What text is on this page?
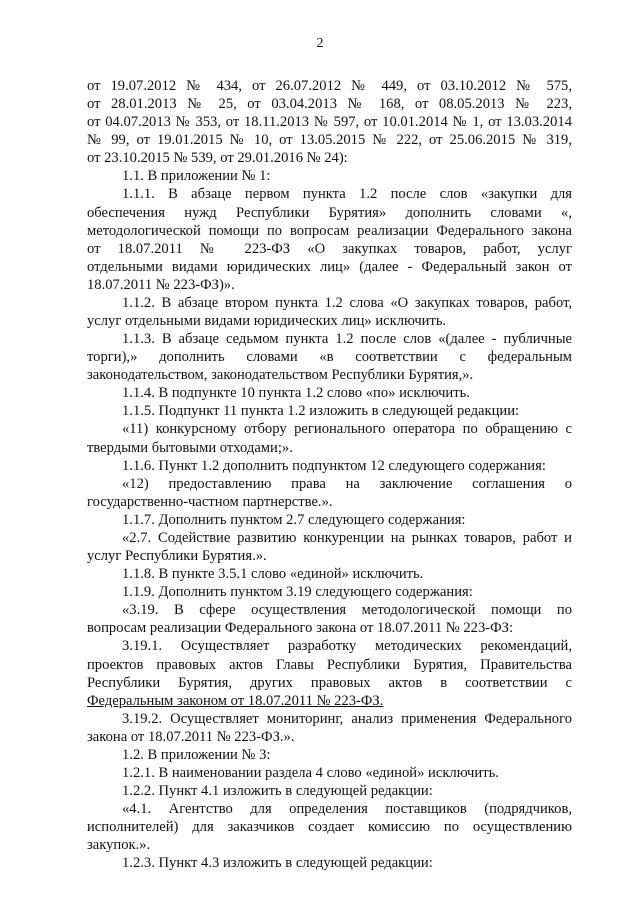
2
от 19.07.2012 № 434, от 26.07.2012 № 449, от 03.10.2012 № 575,
от 28.01.2013 № 25, от 03.04.2013 № 168, от 08.05.2013 № 223,
от 04.07.2013 № 353, от 18.11.2013 № 597, от 10.01.2014 № 1, от 13.03.2014
№ 99, от 19.01.2015 № 10, от 13.05.2015 № 222, от 25.06.2015 № 319,
от 23.10.2015 № 539, от 29.01.2016 № 24):
1.1. В приложении № 1:
1.1.1. В абзаце первом пункта 1.2 после слов «закупки для
обеспечения нужд Республики Бурятия» дополнить словами «,
методологической помощи по вопросам реализации Федерального закона
от 18.07.2011 № 223-ФЗ «О закупках товаров, работ, услуг
отдельными видами юридических лиц» (далее - Федеральный закон от
18.07.2011 № 223-ФЗ)».
1.1.2. В абзаце втором пункта 1.2 слова «О закупках товаров, работ,
услуг отдельными видами юридических лиц» исключить.
1.1.3. В абзаце седьмом пункта 1.2 после слов «(далее - публичные
торги),» дополнить словами «в соответствии с федеральным
законодательством, законодательством Республики Бурятия,».
1.1.4. В подпункте 10 пункта 1.2 слово «по» исключить.
1.1.5. Подпункт 11 пункта 1.2 изложить в следующей редакции:
«11) конкурсному отбору регионального оператора по обращению с
твердыми бытовыми отходами;».
1.1.6. Пункт 1.2 дополнить подпунктом 12 следующего содержания:
«12) предоставлению права на заключение соглашения о
государственно-частном партнерстве.».
1.1.7. Дополнить пунктом 2.7 следующего содержания:
«2.7. Содействие развитию конкуренции на рынках товаров, работ и
услуг Республики Бурятия.».
1.1.8. В пункте 3.5.1 слово «единой» исключить.
1.1.9. Дополнить пунктом 3.19 следующего содержания:
«3.19. В сфере осуществления методологической помощи по
вопросам реализации Федерального закона от 18.07.2011 № 223-ФЗ:
3.19.1. Осуществляет разработку методических рекомендаций,
проектов правовых актов Главы Республики Бурятия, Правительства
Республики Бурятия, других правовых актов в соответствии с
Федеральным законом от 18.07.2011 № 223-ФЗ.
3.19.2. Осуществляет мониторинг, анализ применения Федерального
закона от 18.07.2011 № 223-ФЗ.».
1.2. В приложении № 3:
1.2.1. В наименовании раздела 4 слово «единой» исключить.
1.2.2. Пункт 4.1 изложить в следующей редакции:
«4.1. Агентство для определения поставщиков (подрядчиков,
исполнителей) для заказчиков создает комиссию по осуществлению
закупок.».
1.2.3. Пункт 4.3 изложить в следующей редакции:
